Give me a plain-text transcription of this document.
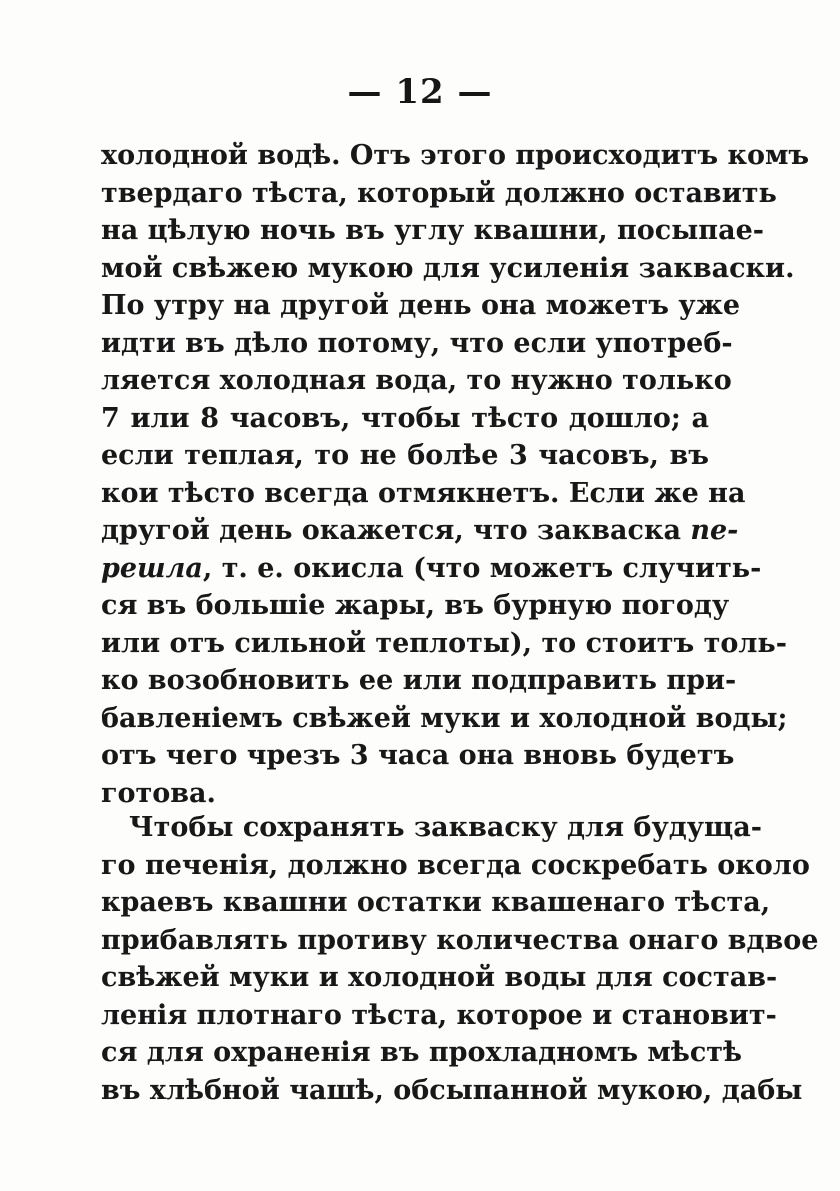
— 12 —
холодной водѣ. Отъ этого происходитъ комъ
твердаго тѣста, который должно оставить
на цѣлую ночь въ углу квашни, посыпае-
мой свѣжею мукою для усиленія закваски.
По утру на другой день она можетъ уже
идти въ дѣло потому, что если употреб-
ляется холодная вода, то нужно только
7 или 8 часовъ, чтобы тѣсто дошло; а
если теплая, то не болѣе 3 часовъ, въ
кои тѣсто всегда отмякнетъ. Если же на
другой день окажется, что закваска пе-
решла, т. е. окисла (что можетъ случить-
ся въ большіе жары, въ бурную погоду
или отъ сильной теплоты), то стоитъ толь-
ко возобновить ее или подправить при-
бавленіемъ свѣжей муки и холодной воды;
отъ чего чрезъ 3 часа она вновь будетъ
готова.
Чтобы сохранять закваску для будуща-
го печенія, должно всегда соскребать около
краевъ квашни остатки квашенаго тѣста,
прибавлять противу количества онаго вдвое
свѣжей муки и холодной воды для состав-
ленія плотнаго тѣста, которое и становит-
ся для охраненія въ прохладномъ мѣстѣ
въ хлѣбной чашѣ, обсыпанной мукою, дабы
